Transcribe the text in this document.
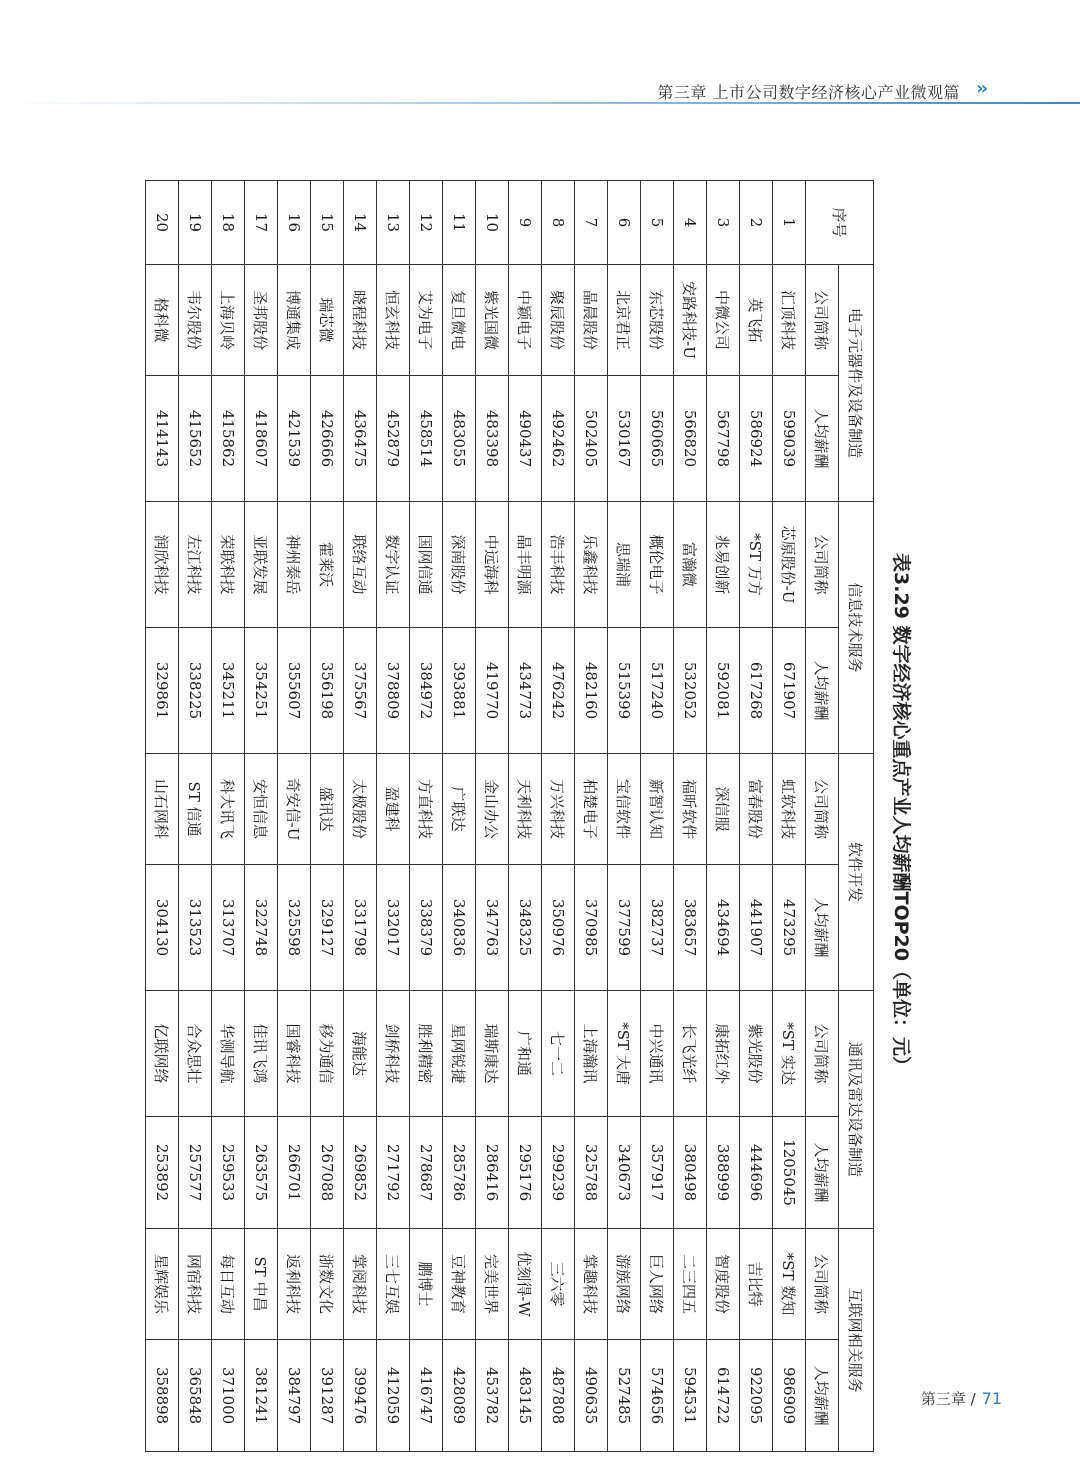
第三章 上市公司数字经济核心产业微观篇 ››
表3.29 数字经济核心重点产业人均薪酬TOP20（单位：元）
序号	电子元器件及设备制造		信息技术服务		软件开发		通讯及雷达设备制造		互联网相关服务	
	公司简称	人均薪酬	公司简称	人均薪酬	公司简称	人均薪酬	公司简称	人均薪酬	公司简称	人均薪酬
1	汇顶科技	599039	芯原股份-U	671907	虹软科技	473295	*ST 实达	1205045	*ST 数知	986909
2	英飞拓	586924	*ST 万方	617268	富春股份	441907	紫光股份	444696	吉比特	922095
3	中微公司	567798	兆易创新	592081	深信服	434694	康拓红外	388999	智度股份	614722
4	安路科技-U	566820	富瀚微	532052	福昕软件	383657	长飞光纤	380498	二三四五	594531
5	东芯股份	560665	概伦电子	517240	新智认知	382737	中兴通讯	357917	巨人网络	574656
6	北京君正	530167	思瑞浦	515399	宝信软件	377599	*ST 大唐	340673	游族网络	527485
7	晶晨股份	502405	乐鑫科技	482160	柏楚电子	370985	上海瀚讯	325788	掌趣科技	490635
8	聚辰股份	492462	浩丰科技	476242	万兴科技	350976	七一二	299239	三六零	487808
9	中颖电子	490437	晶丰明源	434773	天利科技	348325	广和通	295176	优刻得-W	483145
10	紫光国微	483398	中远海科	419770	金山办公	347763	瑞斯康达	286416	完美世界	453782
11	复旦微电	483055	深南股份	393881	广联达	340836	星网锐捷	285786	豆神教育	428089
12	艾为电子	458514	国网信通	384972	方直科技	338379	胜利精密	278687	鹏博士	416747
13	恒玄科技	452879	数字认证	378809	盈建科	332017	剑桥科技	271792	三七互娱	412059
14	晓程科技	436475	联络互动	375567	太极股份	331798	海能达	269852	掌阅科技	399476
15	瑞芯微	426666	霍莱沃	356198	盛讯达	329127	移为通信	267088	浙数文化	391287
16	博通集成	421539	神州泰岳	355607	奇安信-U	325598	国睿科技	266701	返利科技	384797
17	圣邦股份	418607	亚联发展	354251	安恒信息	322748	佳讯飞鸿	263575	ST 中昌	381241
18	上海贝岭	415862	荣联科技	345211	科大讯飞	313707	华测导航	259533	每日互动	371000
19	韦尔股份	415652	左江科技	338225	ST 信通	313523	合众思壮	257577	网宿科技	365848
20	格科微	414143	润欣科技	329861	山石网科	304130	亿联网络	253892	星辉娱乐	358898	第三章 / 71
